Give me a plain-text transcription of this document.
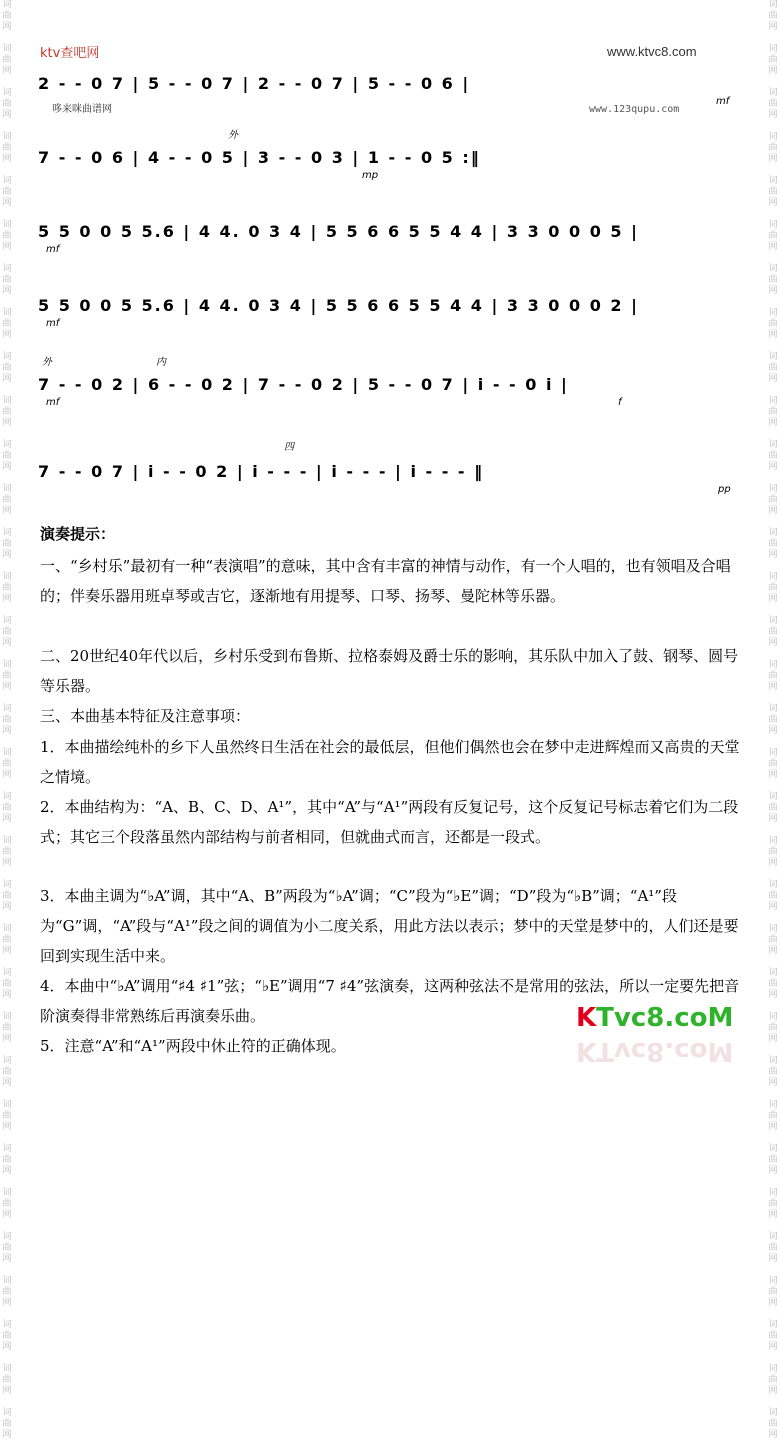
词
曲
网

词
曲
网

词
曲
网

词
曲
网

词
曲
网

词
曲
网

词
曲
网

词
曲
网

词
曲
网

词
曲
网

词
曲
网

词
曲
网

词
曲
网

词
曲
网

词
曲
网

词
曲
网

词
曲
网

词
曲
网

词
曲
网

词
曲
网

词
曲
网

词
曲
网

词
曲
网

词
曲
网

词
曲
网

词
曲
网

词
曲
网

词
曲
网

词
曲
网

词
曲
网

词
曲
网

词
曲
网

词
曲
网

词
曲
网

词
曲
网

词
曲
网

词
曲
网

词
曲
网

词
曲
网

词
曲
网

词
曲
网

词
曲
网

词
曲
网

词
曲
网

词
曲
网

词
曲
网

词
曲
网

词
曲
网

词
曲
网

词
曲
网

词
曲
网

词
曲
网

词
曲
网

词
曲
网

词
曲
网

词
曲
网

词
曲
网

词
曲
网

词
曲
网

词
曲
网

词
曲
网

词
曲
网

词
曲
网

词
曲
网

词
曲
网

词
曲
网

ktv查吧网	www.ktvc8.com
哆来咪曲谱网	www.123qupu.com
2 - - 0 7 | 5 - - 0 7 | 2 - - 0 7 | 5 - - 0 6 |
mf
7 - - 0 6 | 4 - - 0 5 | 3 - - 0 3 | 1 - - 0 5 :‖
外
mp
5 5 0 0 5 5.6 | 4 4. 0 3 4 | 5 5 6 6 5 5 4 4 | 3 3 0 0 0 5 |
mf
5 5 0 0 5 5.6 | 4 4. 0 3 4 | 5 5 6 6 5 5 4 4 | 3 3 0 0 0 2 |
mf
7 - - 0 2 | 6 - - 0 2 | 7 - - 0 2 | 5 - - 0 7 | i - - 0 i |
外	内
mf	f
7 - - 0 7 | i - - 0 2 | i - - - | i - - - | i - - - ‖
四
pp
演奏提示：
一、“乡村乐”最初有一种“表演唱”的意味，其中含有丰富的神情与动作，有一个人唱的，也有领唱及合唱的；伴奏乐器用班卓琴或吉它，逐渐地有用提琴、口琴、扬琴、曼陀林等乐器。
二、20世纪40年代以后，乡村乐受到布鲁斯、拉格泰姆及爵士乐的影响，其乐队中加入了鼓、钢琴、圆号等乐器。
三、本曲基本特征及注意事项：
1．本曲描绘纯朴的乡下人虽然终日生活在社会的最低层，但他们偶然也会在梦中走进辉煌而又高贵的天堂之情境。
2．本曲结构为：“A、B、C、D、A¹”，其中“A”与“A¹”两段有反复记号，这个反复记号标志着它们为二段式；其它三个段落虽然内部结构与前者相同，但就曲式而言，还都是一段式。
3．本曲主调为“♭A”调，其中“A、B”两段为“♭A”调；“C”段为“♭E”调；“D”段为“♭B”调；“A¹”段为“G”调，“A”段与“A¹”段之间的调值为小二度关系，用此方法以表示；梦中的天堂是梦中的，人们还是要回到实现生活中来。
4．本曲中“♭A”调用“♯4 ♯1”弦；“♭E”调用“7 ♯4”弦演奏，这两种弦法不是常用的弦法，所以一定要先把音阶演奏得非常熟练后再演奏乐曲。
5．注意“A”和“A¹”两段中休止符的正确体现。
KTvc8.coM
KTvc8.coM
